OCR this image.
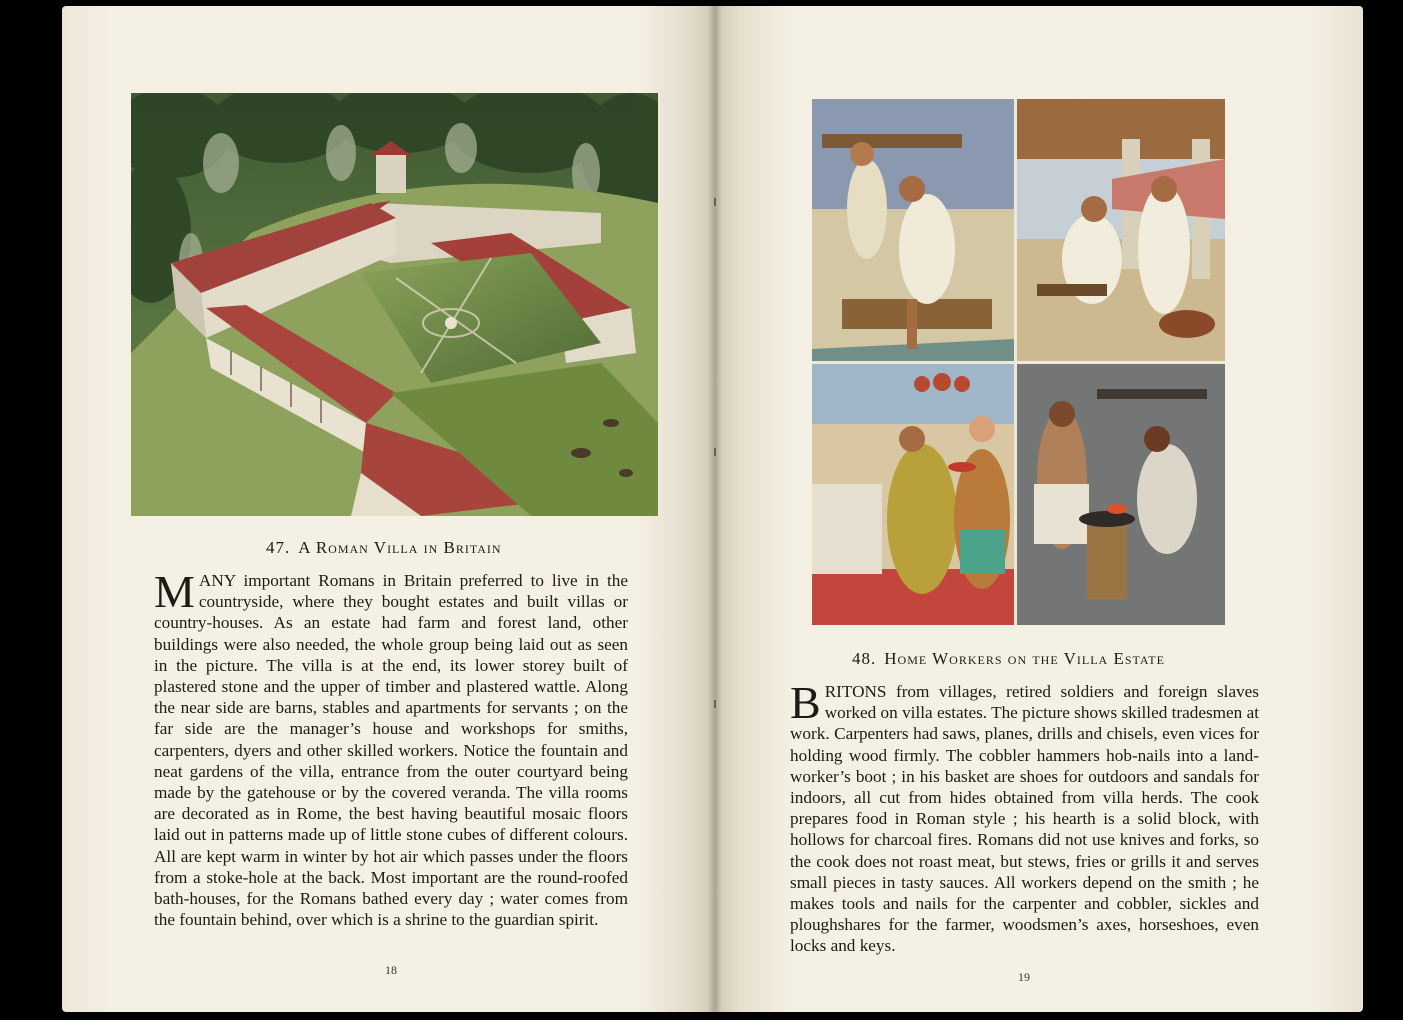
47. A Roman Villa in Britain
MANY important Romans in Britain preferred to live in the countryside, where they bought estates and built villas or country-houses. As an estate had farm and forest land, other buildings were also needed, the whole group being laid out as seen in the picture. The villa is at the end, its lower storey built of plastered stone and the upper of timber and plastered wattle. Along the near side are barns, stables and apartments for servants ; on the far side are the manager’s house and workshops for smiths, carpenters, dyers and other skilled workers. Notice the fountain and neat gardens of the villa, entrance from the outer courtyard being made by the gatehouse or by the covered veranda. The villa rooms are decorated as in Rome, the best having beautiful mosaic floors laid out in patterns made up of little stone cubes of different colours. All are kept warm in winter by hot air which passes under the floors from a stoke-hole at the back. Most important are the round-roofed bath-houses, for the Romans bathed every day ; water comes from the fountain behind, over which is a shrine to the guardian spirit.
18
48. Home Workers on the Villa Estate
BRITONS from villages, retired soldiers and foreign slaves worked on villa estates. The picture shows skilled tradesmen at work. Carpenters had saws, planes, drills and chisels, even vices for holding wood firmly. The cobbler hammers hob-nails into a land-worker’s boot ; in his basket are shoes for outdoors and sandals for indoors, all cut from hides obtained from villa herds. The cook prepares food in Roman style ; his hearth is a solid block, with hollows for charcoal fires. Romans did not use knives and forks, so the cook does not roast meat, but stews, fries or grills it and serves small pieces in tasty sauces. All workers depend on the smith ; he makes tools and nails for the carpenter and cobbler, sickles and ploughshares for the farmer, woodsmen’s axes, horseshoes, even locks and keys.
19
